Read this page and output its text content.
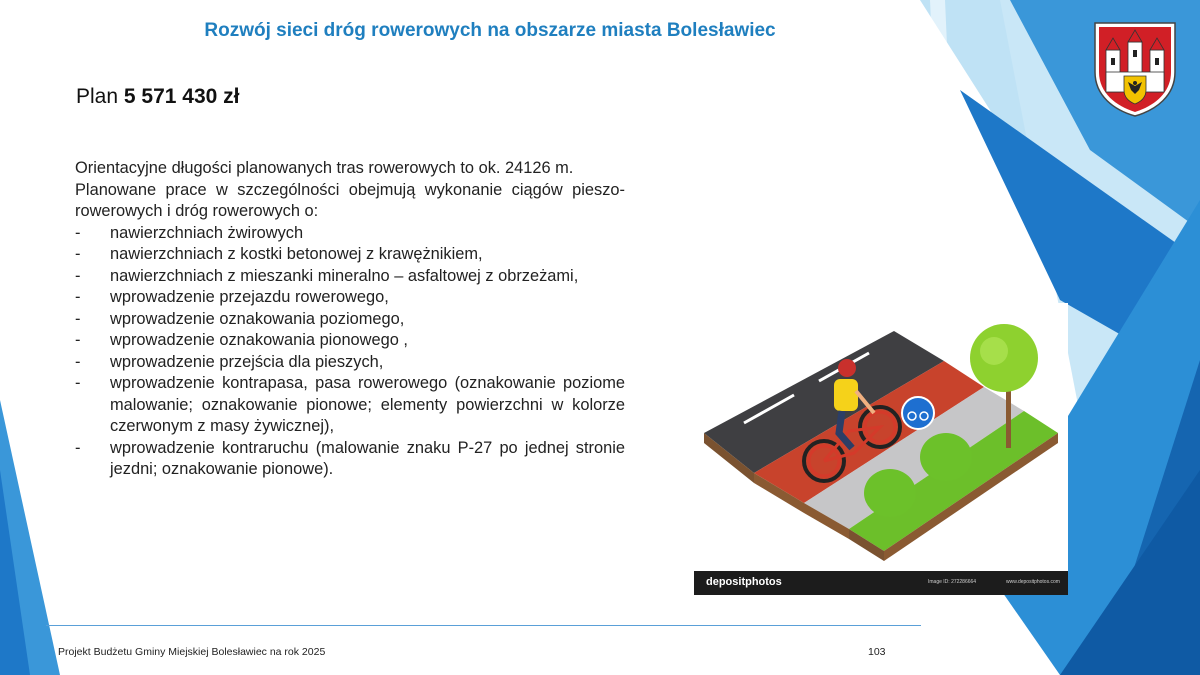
Rozwój sieci dróg rowerowych na obszarze miasta Bolesławiec
Plan 5 571 430 zł

Orientacyjne długości planowanych tras rowerowych to ok. 24126 m.

Planowane prace w szczególności obejmują wykonanie ciągów pieszo-rowerowych i dróg rowerowych o:

- nawierzchniach żwirowych
- nawierzchniach z kostki betonowej z krawężnikiem,
- nawierzchniach z mieszanki mineralno – asfaltowej z obrzeżami,
- wprowadzenie przejazdu rowerowego,
- wprowadzenie oznakowania poziomego,
- wprowadzenie oznakowania pionowego ,
- wprowadzenie przejścia dla pieszych,
- wprowadzenie kontrapasa, pasa rowerowego (oznakowanie poziome malowanie; oznakowanie pionowe; elementy powierzchni w kolorze czerwonym z masy żywicznej),
- wprowadzenie kontraruchu (malowanie znaku P-27 po jednej stronie jezdni; oznakowanie pionowe).
depositphotos	Image ID: 272286664	www.depositphotos.com
Projekt Budżetu Gminy Miejskiej Bolesławiec na rok 2025	103
